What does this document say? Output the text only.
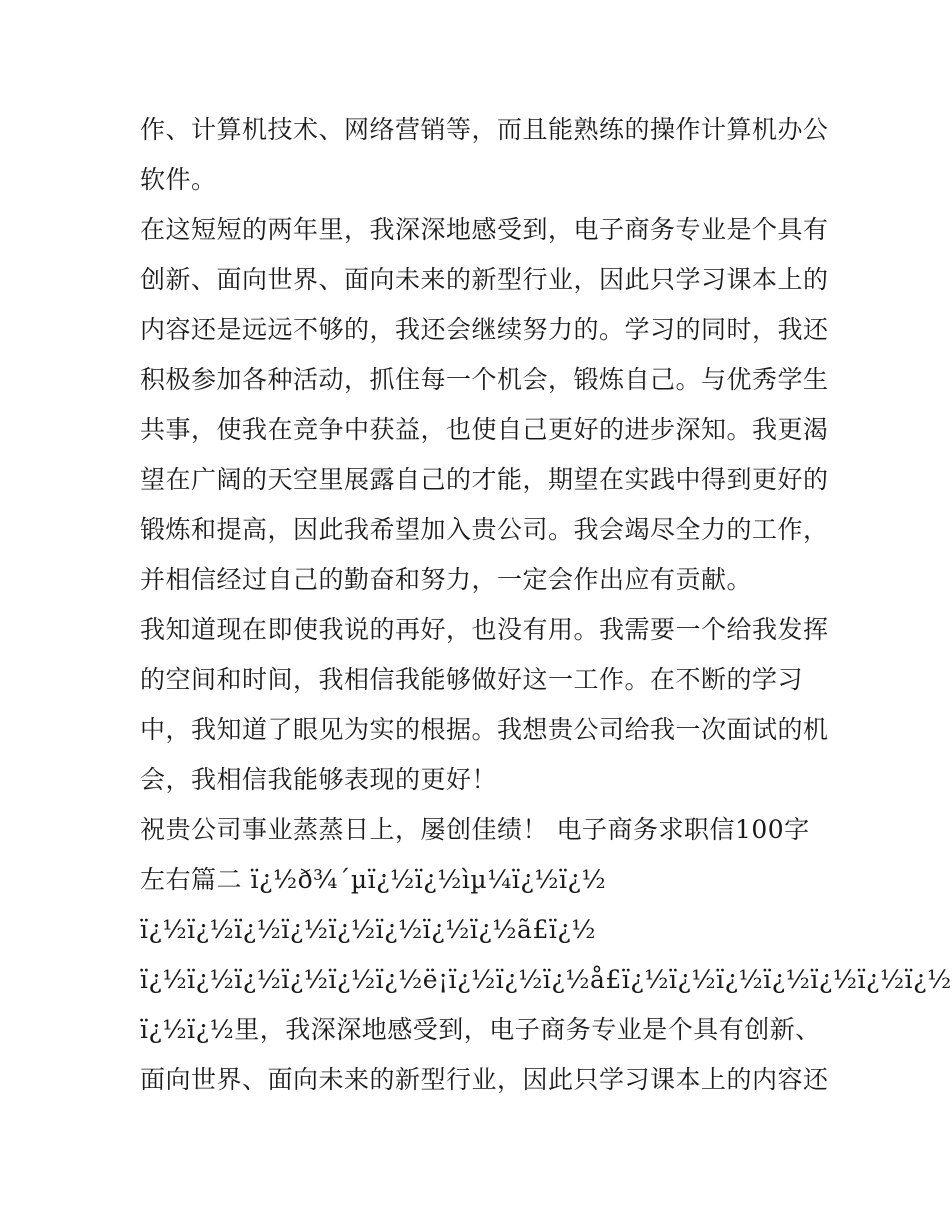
作、计算机技术、网络营销等，而且能熟练的操作计算机办公

软件。

在这短短的两年里，我深深地感受到，电子商务专业是个具有

创新、面向世界、面向未来的新型行业，因此只学习课本上的

内容还是远远不够的，我还会继续努力的。学习的同时，我还

积极参加各种活动，抓住每一个机会，锻炼自己。与优秀学生

共事，使我在竞争中获益，也使自己更好的进步深知。我更渴

望在广阔的天空里展露自己的才能，期望在实践中得到更好的

锻炼和提高，因此我希望加入贵公司。我会竭尽全力的工作，

并相信经过自己的勤奋和努力，一定会作出应有贡献。

我知道现在即使我说的再好，也没有用。我需要一个给我发挥

的空间和时间，我相信我能够做好这一工作。在不断的学习

中，我知道了眼见为实的根据。我想贵公司给我一次面试的机

会，我相信我能够表现的更好！

祝贵公司事业蒸蒸日上，屡创佳绩！ 电子商务求职信100字

左右篇二 ï¿½ð¾´µï¿½ï¿½ìµ¼ï¿½ï¿½

ï¿½ï¿½ï¿½ï¿½ï¿½ï¿½ï¿½ï¿½ã£ï¿½

ï¿½ï¿½ï¿½ï¿½ï¿½ï¿½ë¡ï¿½ï¿½ï¿½å£ï¿½ï¿½ï¿½ï¿½ï¿½ï¿½ï¿½

ï¿½ï¿½里，我深深地感受到，电子商务专业是个具有创新、

面向世界、面向未来的新型行业，因此只学习课本上的内容还
